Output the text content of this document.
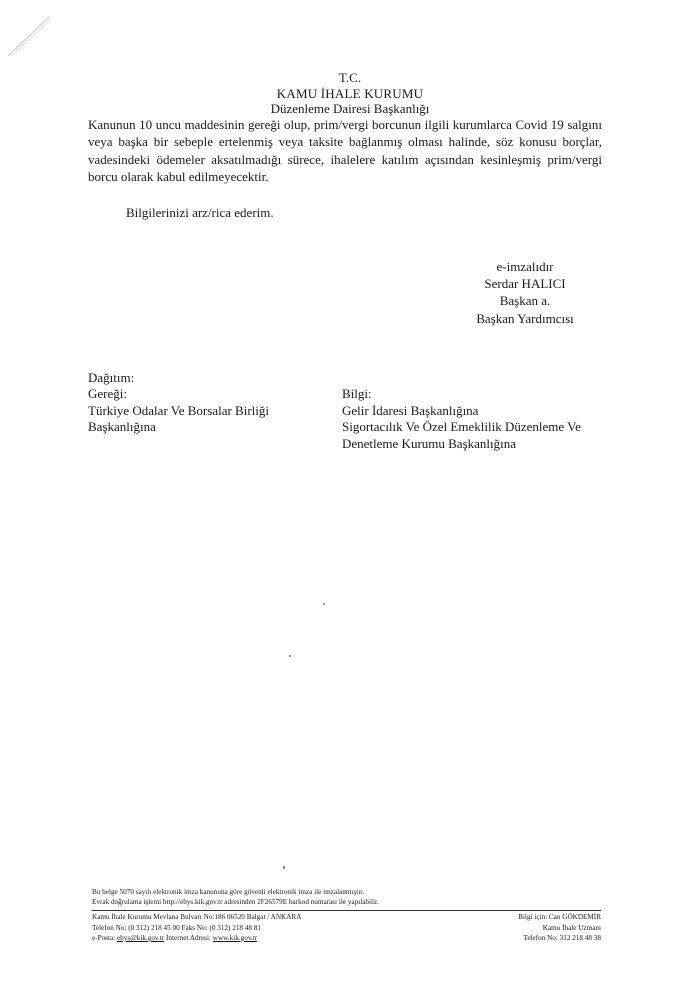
T.C.
KAMU İHALE KURUMU
Düzenleme Dairesi Başkanlığı

Kanunun 10 uncu maddesinin gereği olup, prim/vergi borcunun ilgili kurumlarca Covid 19 salgını veya başka bir sebeple ertelenmiş veya taksite bağlanmış olması halinde, söz konusu borçlar, vadesindeki ödemeler aksatılmadığı sürece, ihalelere katılım açısından kesinleşmiş prim/vergi borcu olarak kabul edilmeyecektir.

Bilgilerinizi arz/rica ederim.

e-imzalıdır
Serdar HALICI
Başkan a.
Başkan Yardımcısı
Dağıtım:
Gereği:
Türkiye Odalar Ve Borsalar Birliği
Başkanlığına
Bilgi:
Gelir İdaresi Başkanlığına
Sigortacılık Ve Özel Emeklilik Düzenleme Ve
Denetleme Kurumu Başkanlığına
Bu belge 5070 sayılı elektronik imza kanununa göre güvenli elektronik imza ile imzalanmıştır.
Evrak doğrulama işlemi http://ebys.kik.gov.tr adresinden 2F26579E barkod numarası ile yapılabilir.
Kamu İhale Kurumu Mevlana Bulvarı No:186 06520 Balgat / ANKARA
Telefon No: (0 312) 218 45 00 Faks No: (0 312) 218 48 81
e-Posta: ebys@kik.gov.tr İnternet Adresi: www.kik.gov.tr
Bilgi için: Can GÖKDEMİR
Kamu İhale Uzmanı
Telefon No: 312 218 48 38
